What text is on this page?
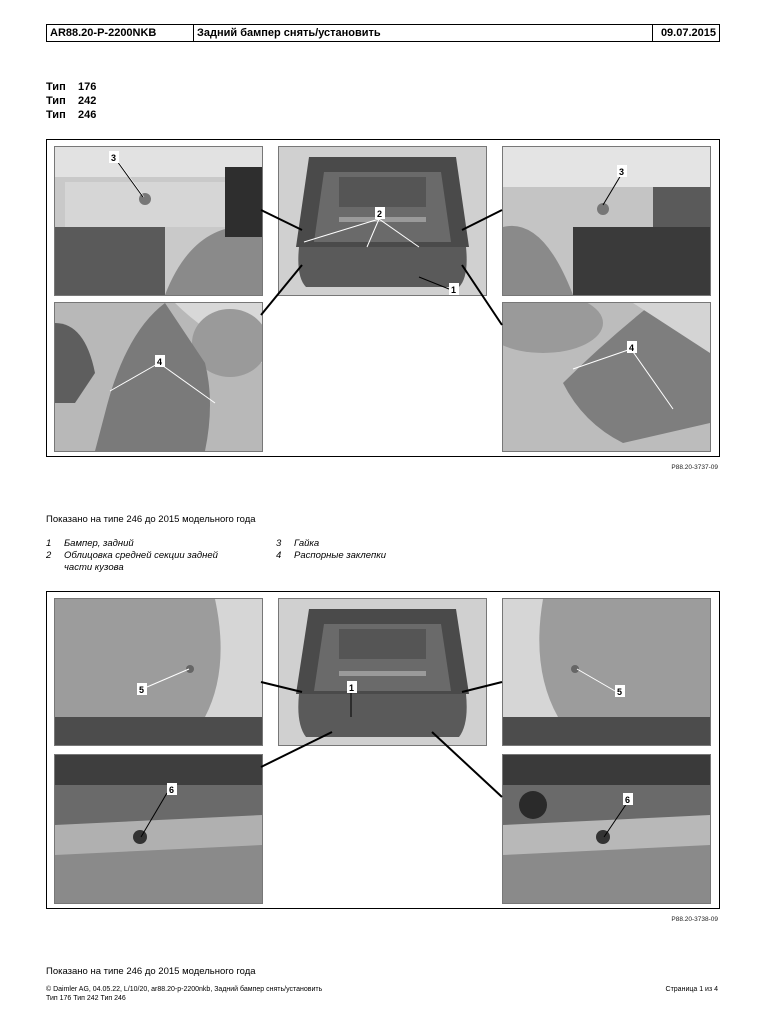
AR88.20-P-2200NKB	Задний бампер снять/установить	09.07.2015
Тип 176
Тип 242
Тип 246
3
4
2
1
3
4
P88.20-3737-09
Показано на типе 246 до 2015 модельного года
1 Бампер, задний
2 Облицовка средней секции задней
части кузова
3 Гайка
4 Распорные заклепки
5
6
1	5
6
P88.20-3738-09
Показано на типе 246 до 2015 модельного года
© Daimler AG, 04.05.22, L/10/20, ar88.20-p-2200nkb, Задний бампер снять/установить
Тип 176 Тип 242 Тип 246
Страница 1 из 4
